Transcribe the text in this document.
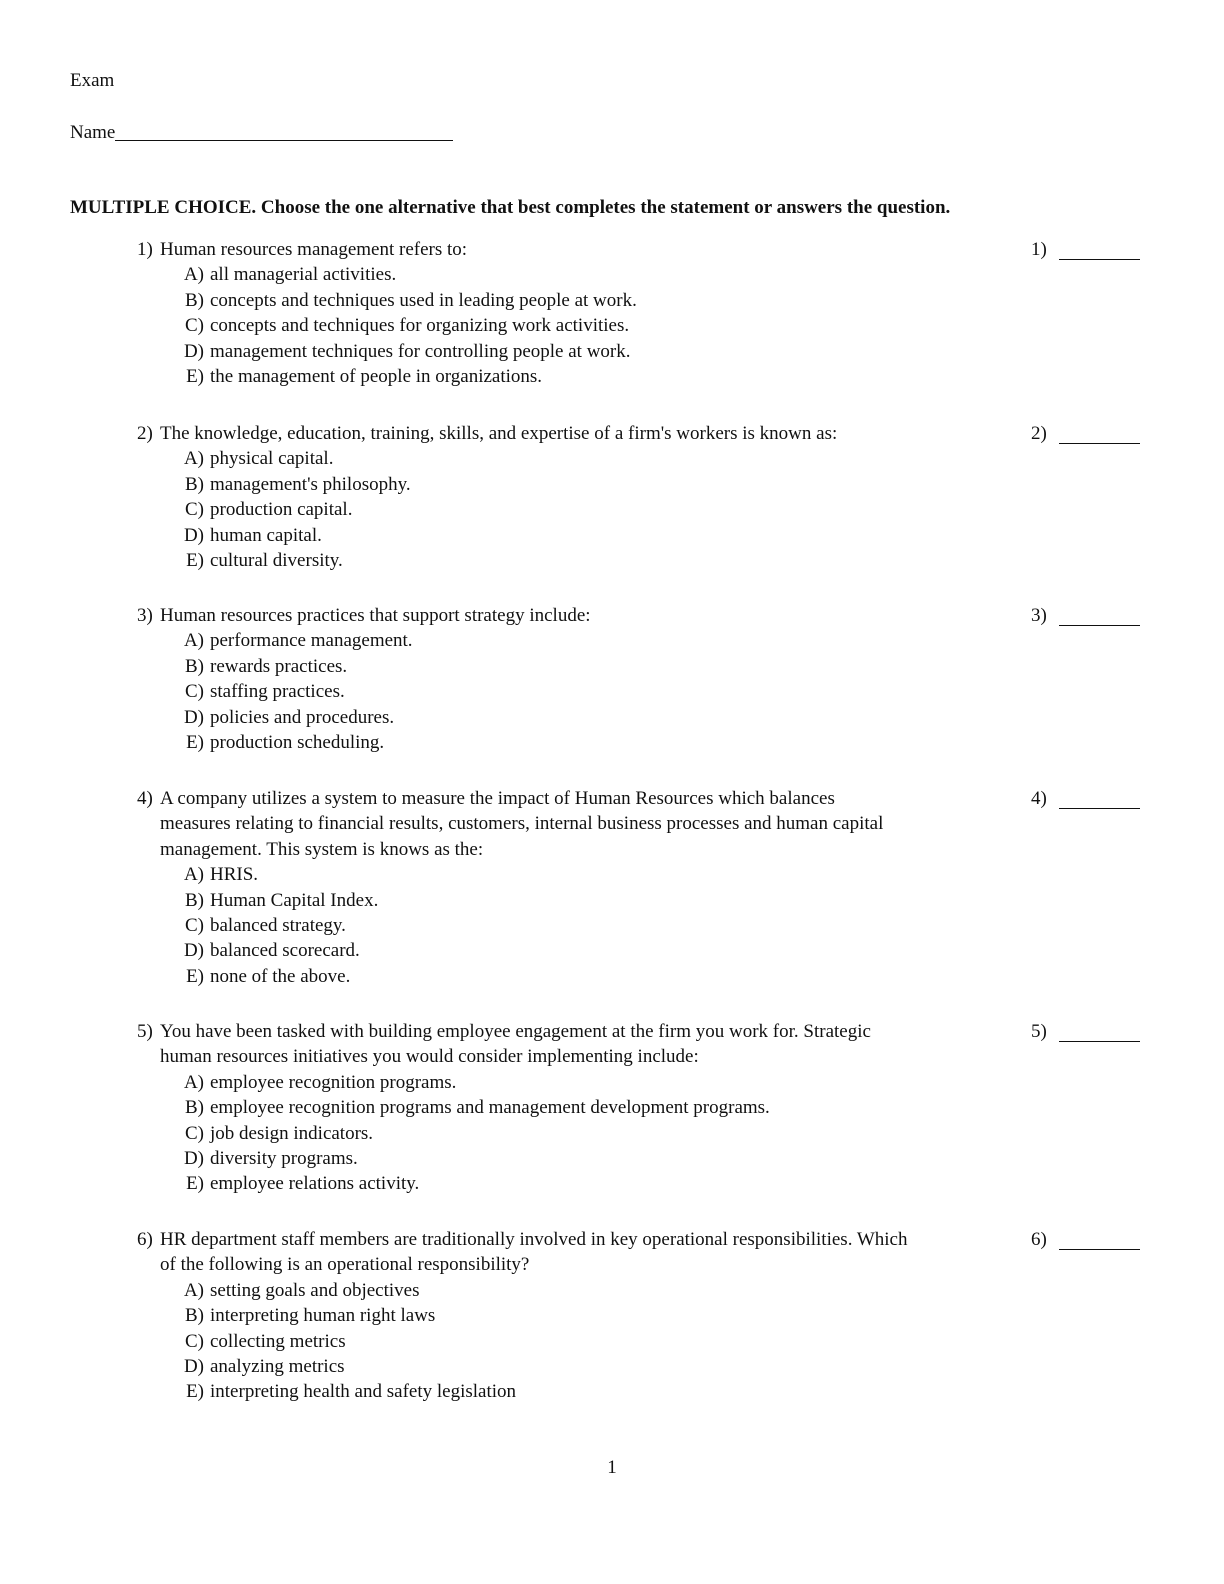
Exam
Name
MULTIPLE CHOICE. Choose the one alternative that best completes the statement or answers the question.
1) Human resources management refers to:
A) all managerial activities.
B) concepts and techniques used in leading people at work.
C) concepts and techniques for organizing work activities.
D) management techniques for controlling people at work.
E) the management of people in organizations.
1)
2) The knowledge, education, training, skills, and expertise of a firm's workers is known as:
A) physical capital.
B) management's philosophy.
C) production capital.
D) human capital.
E) cultural diversity.
2)
3) Human resources practices that support strategy include:
A) performance management.
B) rewards practices.
C) staffing practices.
D) policies and procedures.
E) production scheduling.
3)
4) A company utilizes a system to measure the impact of Human Resources which balances
measures relating to financial results, customers, internal business processes and human capital
management. This system is knows as the:
A) HRIS.
B) Human Capital Index.
C) balanced strategy.
D) balanced scorecard.
E) none of the above.
4)
5) You have been tasked with building employee engagement at the firm you work for. Strategic
human resources initiatives you would consider implementing include:
A) employee recognition programs.
B) employee recognition programs and management development programs.
C) job design indicators.
D) diversity programs.
E) employee relations activity.
5)
6) HR department staff members are traditionally involved in key operational responsibilities. Which
of the following is an operational responsibility?
A) setting goals and objectives
B) interpreting human right laws
C) collecting metrics
D) analyzing metrics
E) interpreting health and safety legislation
6)
1
